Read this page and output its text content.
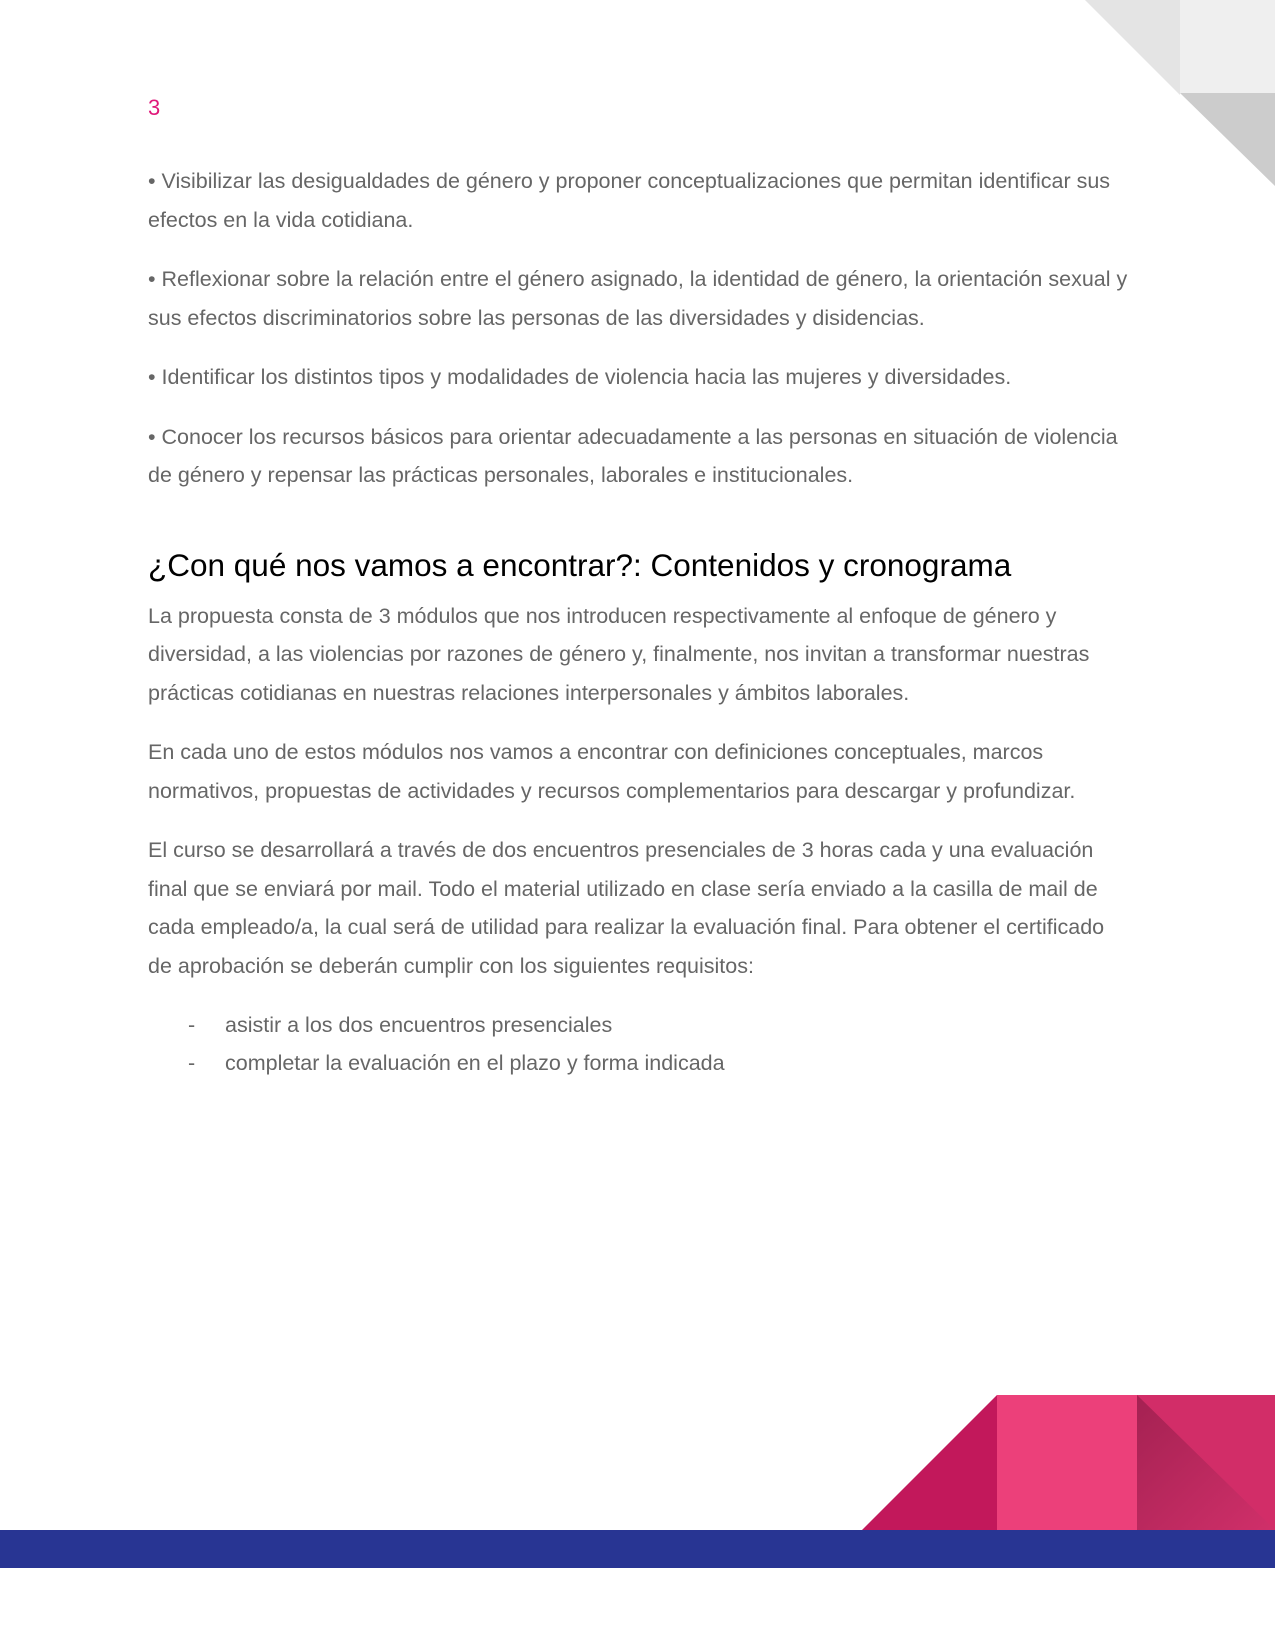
3

• Visibilizar las desigualdades de género y proponer conceptualizaciones que permitan identificar sus efectos en la vida cotidiana.

• Reflexionar sobre la relación entre el género asignado, la identidad de género, la orientación sexual y sus efectos discriminatorios sobre las personas de las diversidades y disidencias.

• Identificar los distintos tipos y modalidades de violencia hacia las mujeres y diversidades.

• Conocer los recursos básicos para orientar adecuadamente a las personas en situación de violencia de género y repensar las prácticas personales, laborales e institucionales.

¿Con qué nos vamos a encontrar?: Contenidos y cronograma

La propuesta consta de 3 módulos que nos introducen respectivamente al enfoque de género y diversidad, a las violencias por razones de género y, finalmente, nos invitan a transformar nuestras prácticas cotidianas en nuestras relaciones interpersonales y ámbitos laborales.

En cada uno de estos módulos nos vamos a encontrar con definiciones conceptuales, marcos normativos, propuestas de actividades y recursos complementarios para descargar y profundizar.

El curso se desarrollará a través de dos encuentros presenciales de 3 horas cada y una evaluación final que se enviará por mail. Todo el material utilizado en clase sería enviado a la casilla de mail de cada empleado/a, la cual será de utilidad para realizar la evaluación final. Para obtener el certificado de aprobación se deberán cumplir con los siguientes requisitos:

- asistir a los dos encuentros presenciales
- completar la evaluación en el plazo y forma indicada
